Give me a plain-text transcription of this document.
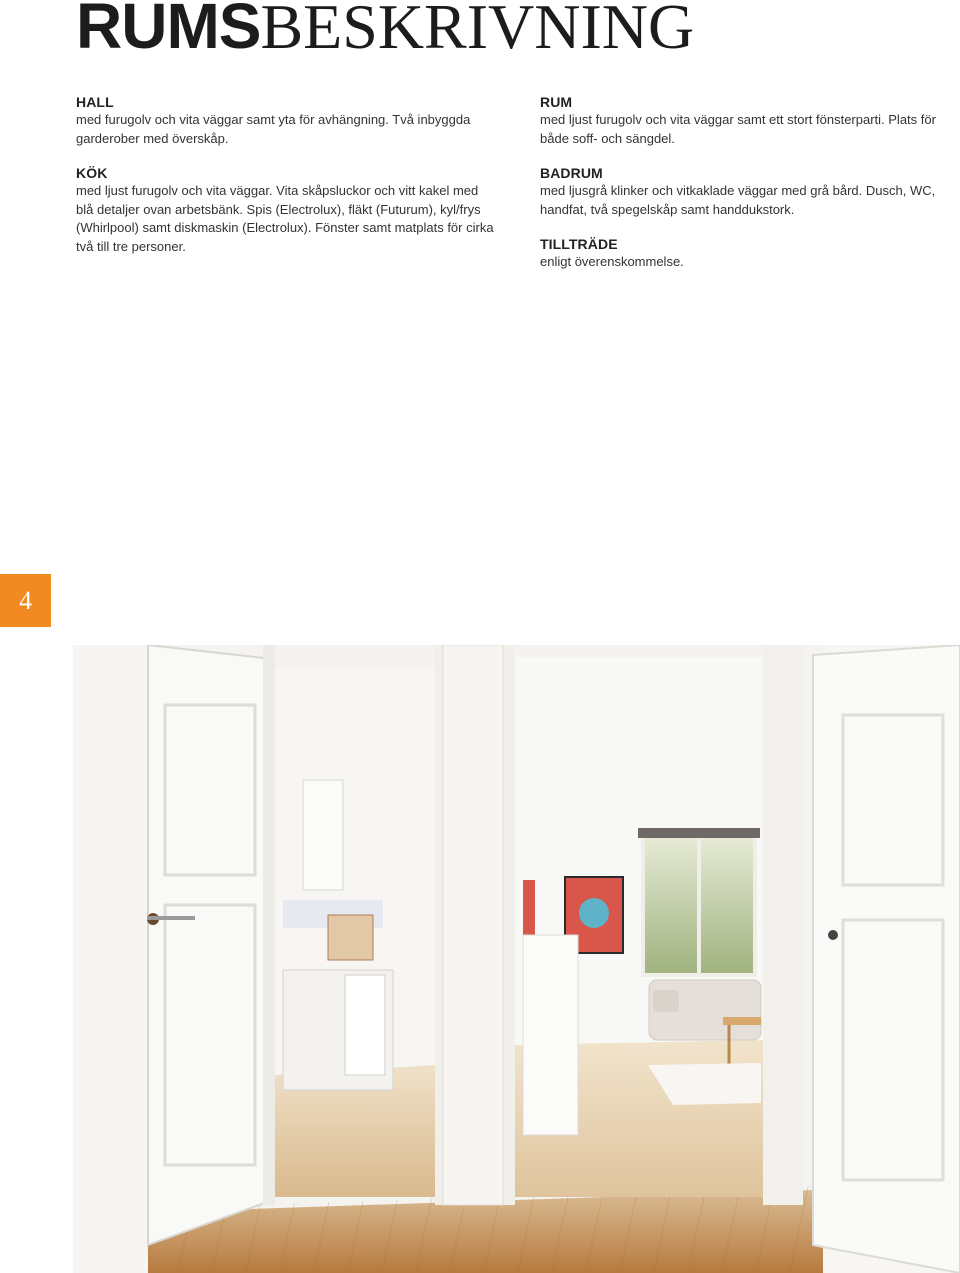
RUMSBESKRIVNING

HALL

med furugolv och vita väggar samt yta för avhängning. Två inbyggda garderober med överskåp.

KÖK

med ljust furugolv och vita väggar. Vita skåpsluckor och vitt kakel med blå detaljer ovan arbetsbänk. Spis (Electrolux), fläkt (Futurum), kyl/frys (Whirlpool) samt diskmaskin (Electrolux). Fönster samt matplats för cirka två till tre personer.

RUM

med ljust furugolv och vita väggar samt ett stort fönsterparti. Plats för både soff- och sängdel.

BADRUM

med ljusgrå klinker och vitkaklade väggar med grå bård. Dusch, WC, handfat, två spegelskåp samt handdukstork.

TILLTRÄDE

enligt överenskommelse.

4
